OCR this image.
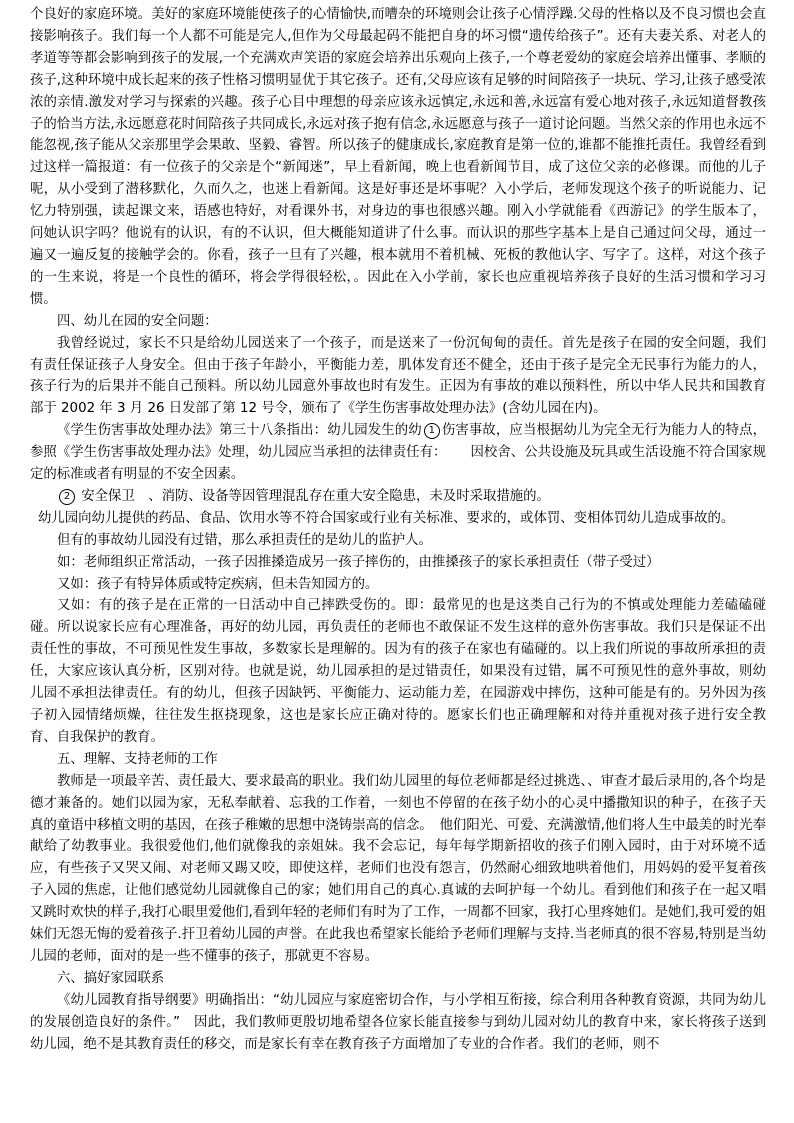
个良好的家庭环境。美好的家庭环境能使孩子的心情愉快,而嘈杂的环境则会让孩子心情浮躁.父母的性格以及不良习惯也会直接影响孩子。我们每一个人都不可能是完人,但作为父母最起码不能把自身的坏习惯“遗传给孩子”。还有夫妻关系、对老人的孝道等等都会影响到孩子的发展,一个充满欢声笑语的家庭会培养出乐观向上孩子,一个尊老爱幼的家庭会培养出懂事、孝顺的孩子,这种环境中成长起来的孩子性格习惯明显优于其它孩子。还有,父母应该有足够的时间陪孩子一块玩、学习,让孩子感受浓浓的亲情.激发对学习与探索的兴趣。孩子心目中理想的母亲应该永远慎定,永远和善,永远富有爱心地对孩子,永远知道督教孩子的恰当方法,永远愿意花时间陪孩子共同成长,永远对孩子抱有信念,永远愿意与孩子一道讨论问题。当然父亲的作用也永远不能忽视,孩子能从父亲那里学会果敢、坚毅、睿智。所以孩子的健康成长,家庭教育是第一位的,谁都不能推托责任。我曾经看到过这样一篇报道：有一位孩子的父亲是个“新闻迷”，早上看新闻，晚上也看新闻节目，成了这位父亲的必修课。而他的儿子呢，从小受到了潜移默化，久而久之，也迷上看新闻。这是好事还是坏事呢？入小学后，老师发现这个孩子的听说能力、记忆力特别强，读起课文来，语感也特好，对看课外书，对身边的事也很感兴趣。刚入小学就能看《西游记》的学生版本了，问她认识字吗？他说有的认识，有的不认识，但大概能知道讲了什么事。而认识的那些字基本上是自己通过问父母，通过一遍又一遍反复的接触学会的。你看，孩子一旦有了兴趣，根本就用不着机械、死板的教他认字、写字了。这样，对这个孩子的一生来说，将是一个良性的循环，将会学得很轻松，。因此在入小学前，家长也应重视培养孩子良好的生活习惯和学习习惯。

四、幼儿在园的安全问题：

我曾经说过，家长不只是给幼儿园送来了一个孩子，而是送来了一份沉甸甸的责任。首先是孩子在园的安全问题，我们有责任保证孩子人身安全。但由于孩子年龄小，平衡能力差，肌体发育还不健全，还由于孩子是完全无民事行为能力的人，孩子行为的后果并不能自己预料。所以幼儿园意外事故也时有发生。正因为有事故的难以预料性，所以中华人民共和国教育部于 2002 年 3 月 26 日发部了第 12 号令，颁布了《学生伤害事故处理办法》(含幼儿园在内)。

《学生伤害事故处理办法》第三十八条指出：幼儿园发生的幼 1 伤害事故，应当根据幼儿为完全无行为能力人的特点，参照《学生伤害事故处理办法》处理，幼儿园应当承担的法律责任有： 因校舍、公共设施及玩具或生活设施不符合国家规定的标准或者有明显的不安全因素。

2 安全保卫　、消防、设备等因管理混乱存在重大安全隐患，未及时采取措施的。

幼儿园向幼儿提供的药品、食品、饮用水等不符合国家或行业有关标准、要求的，或体罚、变相体罚幼儿造成事故的。

但有的事故幼儿园没有过错，那么承担责任的是幼儿的监护人。

如：老师组织正常活动，一孩子因推搡造成另一孩子摔伤的，由推搡孩子的家长承担责任（带子受过）

又如：孩子有特异体质或特定疾病，但未告知园方的。

又如：有的孩子是在正常的一日活动中自己摔跌受伤的。即：最常见的也是这类自己行为的不慎或处理能力差磕磕碰碰。所以说家长应有心理准备，再好的幼儿园，再负责任的老师也不敢保证不发生这样的意外伤害事故。我们只是保证不出责任性的事故，不可预见性发生事故，多数家长是理解的。因为有的孩子在家也有磕碰的。以上我们所说的事故所承担的责任，大家应该认真分析，区别对待。也就是说，幼儿园承担的是过错责任，如果没有过错，属不可预见性的意外事故，则幼儿园不承担法律责任。有的幼儿，但孩子因缺钙、平衡能力、运动能力差，在园游戏中摔伤，这种可能是有的。另外因为孩子初入园情绪烦燥，往往发生抠挠现象，这也是家长应正确对待的。愿家长们也正确理解和对待并重视对孩子进行安全教育、自我保护的教育。

五、理解、支持老师的工作

教师是一项最辛苦、责任最大、要求最高的职业。我们幼儿园里的每位老师都是经过挑选、、审查才最后录用的,各个均是德才兼备的。她们以园为家，无私奉献着、忘我的工作着，一刻也不停留的在孩子幼小的心灵中播撒知识的种子，在孩子天真的童语中移植文明的基因，在孩子稚嫩的思想中浇铸崇高的信念。　他们阳光、可爱、充满激情,他们将人生中最美的时光奉献给了幼教事业。我很爱他们,他们就像我的亲姐妹。我不会忘记，每年每学期新招收的孩子们刚入园时，由于对环境不适应，有些孩子又哭又闹、对老师又踢又咬，即使这样，老师们也没有怨言，仍然耐心细致地哄着他们，用妈妈的爱平复着孩子入园的焦虑，让他们感觉幼儿园就像自己的家；她们用自己的真心.真诚的去呵护每一个幼儿。看到他们和孩子在一起又唱又跳时欢快的样子,我打心眼里爱他们,看到年轻的老师们有时为了工作，一周都不回家，我打心里疼她们。是她们,我可爱的姐妹们无怨无悔的爱着孩子.扞卫着幼儿园的声誉。在此我也希望家长能给予老师们理解与支持.当老师真的很不容易,特别是当幼儿园的老师，面对的是一些不懂事的孩子，那就更不容易。

六、搞好家园联系

《幼儿园教育指导纲要》明确指出：“幼儿园应与家庭密切合作，与小学相互衔接，综合利用各种教育资源，共同为幼儿的发展创造良好的条件。”　因此，我们教师更殷切地希望各位家长能直接参与到幼儿园对幼儿的教育中来，家长将孩子送到幼儿园，绝不是其教育责任的移交，而是家长有幸在教育孩子方面增加了专业的合作者。我们的老师，则不
